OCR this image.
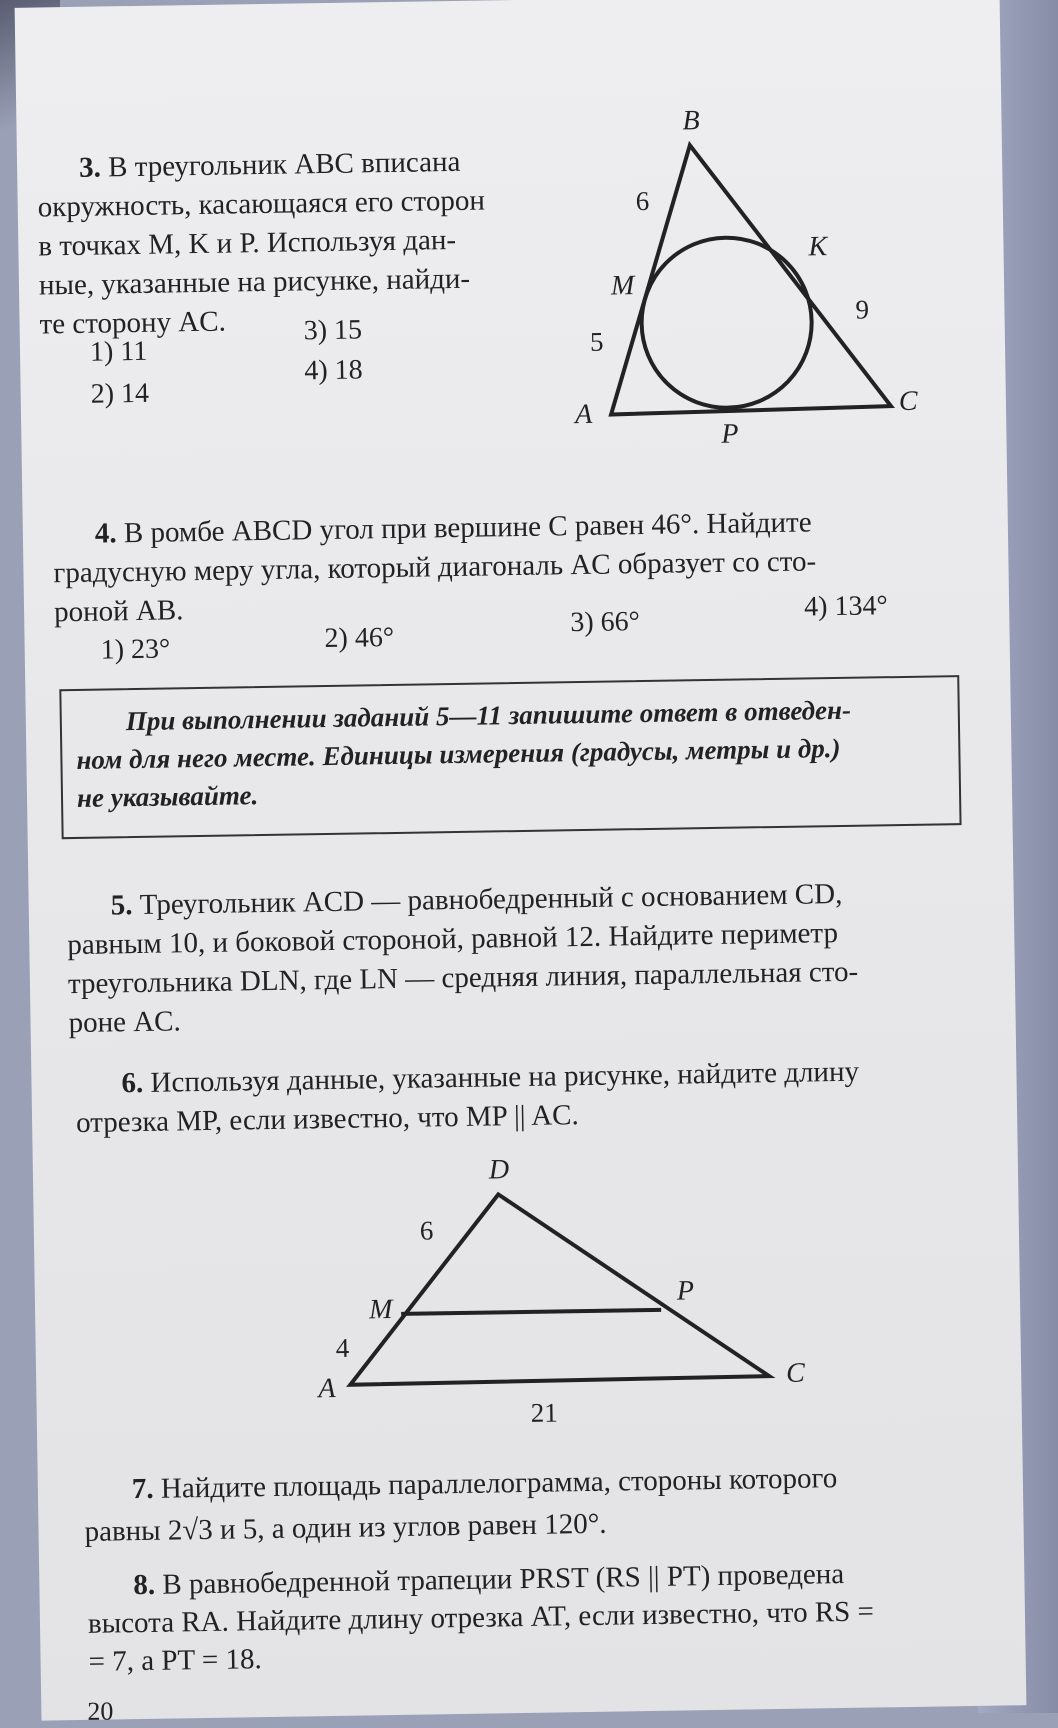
3. В треугольник ABC вписана

окружность, касающаяся его сторон

в точках M, K и P. Используя дан-

ные, указанные на рисунке, найди-

те сторону AC.

1) 11
2) 14
3) 15
4) 18
B
A	C
M
K
P
6
5
9

4. В ромбе ABCD угол при вершине C равен 46°. Найдите

градусную меру угла, который диагональ AC образует со сто-

роной AB.

1) 23°	2) 46°	3) 66°	4) 134°
При выполнении заданий 5—11 запишите ответ в отведен-
ном для него месте. Единицы измерения (градусы, метры и др.)
не указывайте.

5. Треугольник ACD — равнобедренный с основанием CD,

равным 10, и боковой стороной, равной 12. Найдите периметр

треугольника DLN, где LN — средняя линия, параллельная сто-

роне AC.

6. Используя данные, указанные на рисунке, найдите длину

отрезка MP, если известно, что MP || AC.

D
M
P
A	C
6
4
21

7. Найдите площадь параллелограмма, стороны которого

равны 2√3 и 5, а один из углов равен 120°.

8. В равнобедренной трапеции PRST (RS || PT) проведена

высота RA. Найдите длину отрезка AT, если известно, что RS =

= 7, а PT = 18.

20
